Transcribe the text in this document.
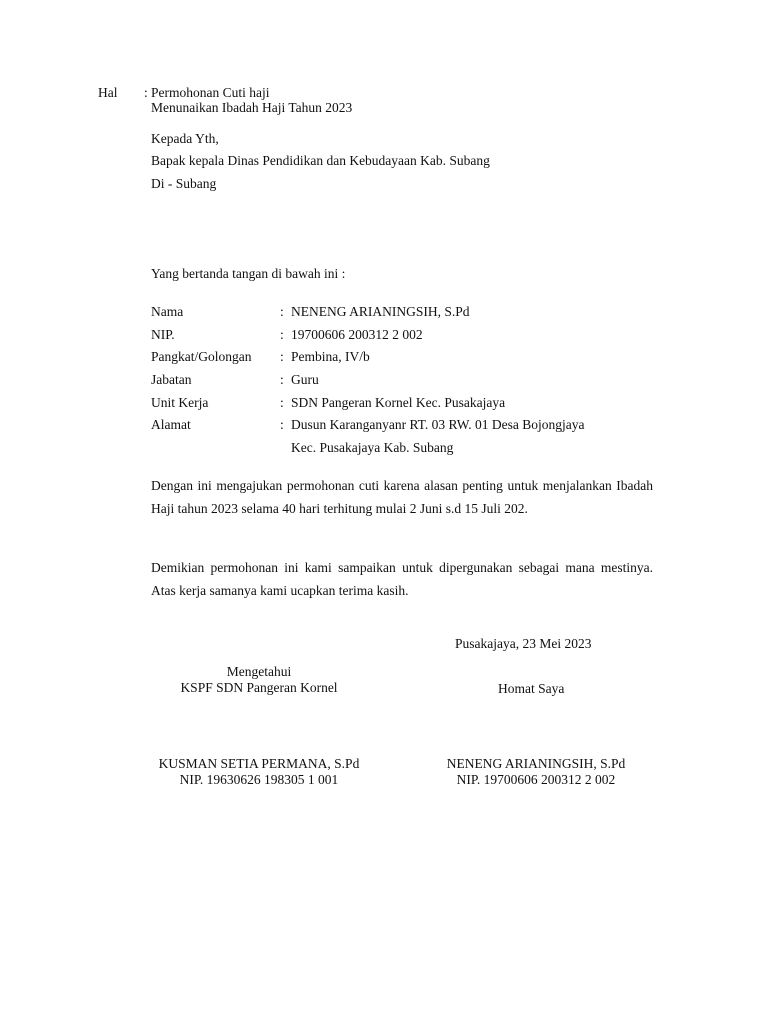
Hal : Permohonan Cuti haji
Menunaikan Ibadah Haji Tahun 2023
Kepada Yth,
Bapak kepala Dinas Pendidikan dan Kebudayaan Kab. Subang
Di - Subang
Yang bertanda tangan di bawah ini :
Nama	: NENENG ARIANINGSIH, S.Pd
NIP.	: 19700606 200312 2 002
Pangkat/Golongan : Pembina, IV/b
Jabatan	: Guru
Unit Kerja	: SDN Pangeran Kornel Kec. Pusakajaya
Alamat	: Dusun Karanganyanr RT. 03 RW. 01 Desa Bojongjaya
Kec. Pusakajaya Kab. Subang
Dengan ini mengajukan permohonan cuti karena alasan penting untuk menjalankan Ibadah Haji tahun 2023 selama 40 hari terhitung mulai 2 Juni s.d 15 Juli 202.
Demikian permohonan ini kami sampaikan untuk dipergunakan sebagai mana mestinya. Atas kerja samanya kami ucapkan terima kasih.
Pusakajaya, 23 Mei 2023
Mengetahui
KSPF SDN Pangeran Kornel
KUSMAN SETIA PERMANA, S.Pd
NIP. 19630626 198305 1 001
Homat Saya
NENENG ARIANINGSIH, S.Pd
NIP. 19700606 200312 2 002
